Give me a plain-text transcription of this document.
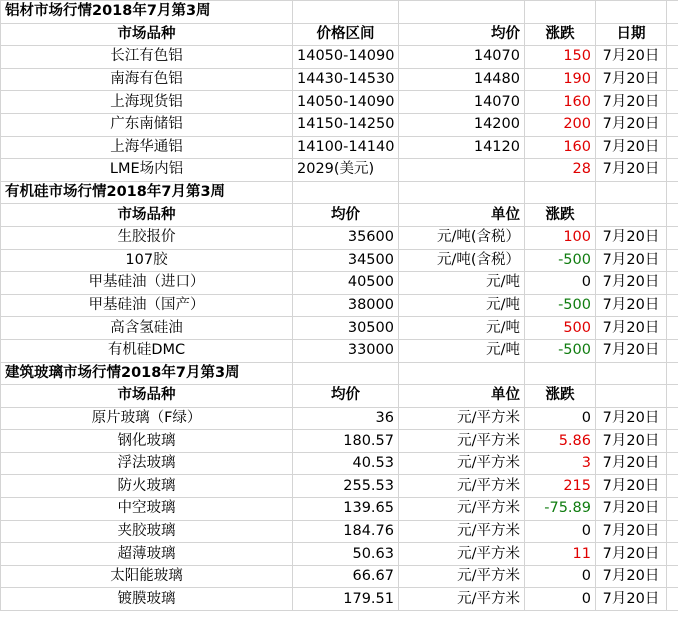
铝材市场行情2018年7月第3周					
市场品种	价格区间	均价	涨跌	日期	
长江有色铝	14050-14090	14070	150	7月20日	
南海有色铝	14430-14530	14480	190	7月20日	
上海现货铝	14050-14090	14070	160	7月20日	
广东南储铝	14150-14250	14200	200	7月20日	
上海华通铝	14100-14140	14120	160	7月20日	
LME场内铝	2029(美元)		28	7月20日	
有机硅市场行情2018年7月第3周					
市场品种	均价	单位	涨跌		
生胶报价	35600	元/吨(含税）	100	7月20日	
107胶	34500	元/吨(含税）	-500	7月20日	
甲基硅油（进口）	40500	元/吨	0	7月20日	
甲基硅油（国产）	38000	元/吨	-500	7月20日	
高含氢硅油	30500	元/吨	500	7月20日	
有机硅DMC	33000	元/吨	-500	7月20日	
建筑玻璃市场行情2018年7月第3周					
市场品种	均价	单位	涨跌		
原片玻璃（F绿）	36	元/平方米	0	7月20日	
钢化玻璃	180.57	元/平方米	5.86	7月20日	
浮法玻璃	40.53	元/平方米	3	7月20日	
防火玻璃	255.53	元/平方米	215	7月20日	
中空玻璃	139.65	元/平方米	-75.89	7月20日	
夹胶玻璃	184.76	元/平方米	0	7月20日	
超薄玻璃	50.63	元/平方米	11	7月20日	
太阳能玻璃	66.67	元/平方米	0	7月20日	
镀膜玻璃	179.51	元/平方米	0	7月20日	
